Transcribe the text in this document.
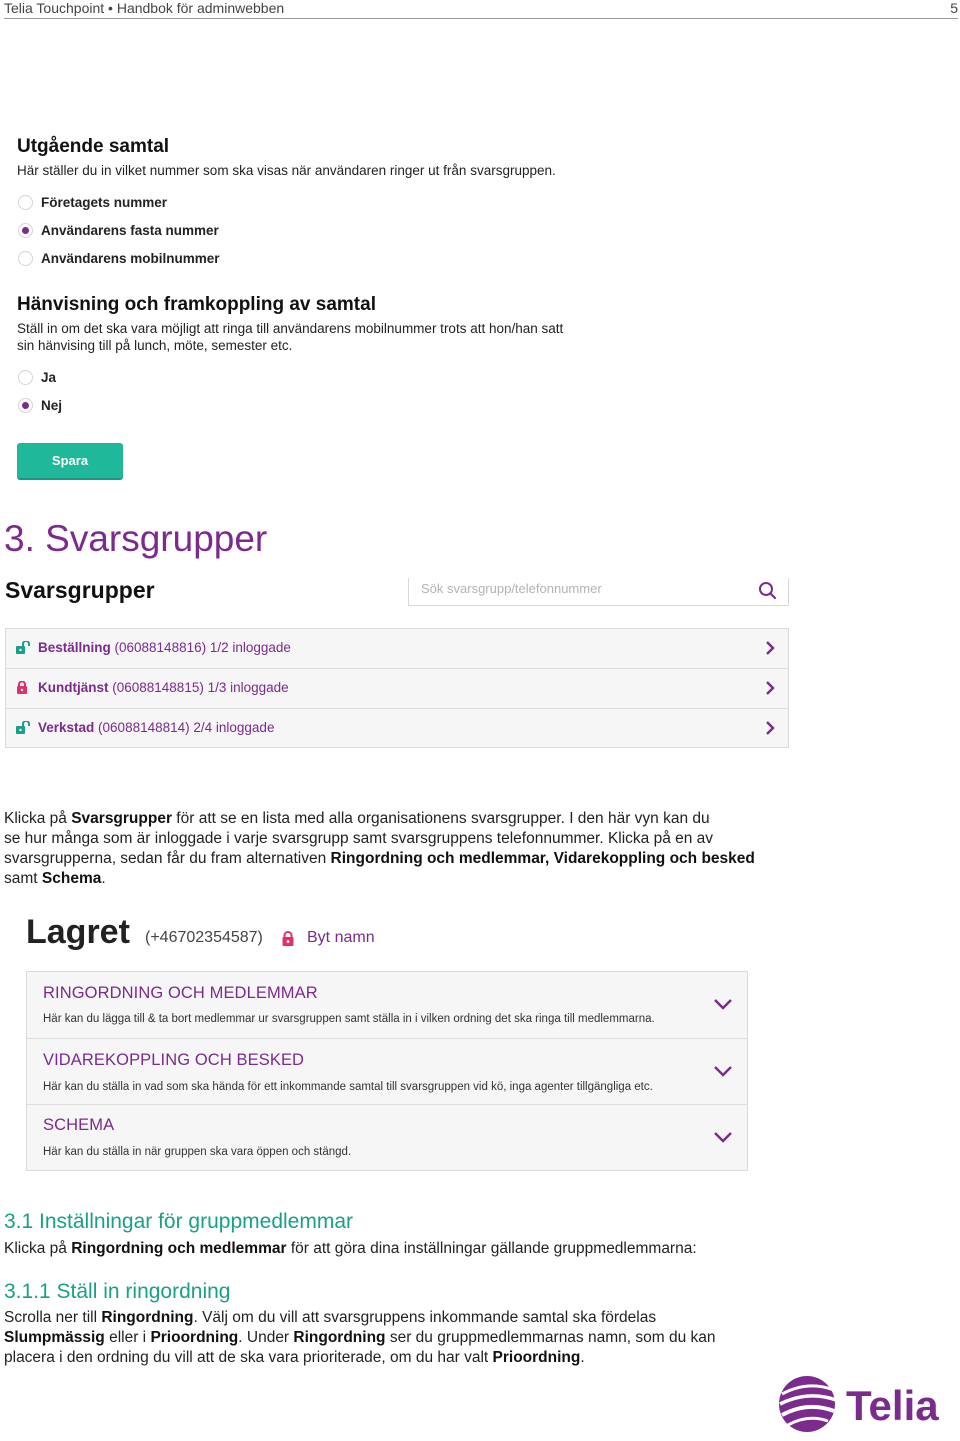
Telia Touchpoint • Handbok för adminwebben	5
Utgående samtal
Här ställer du in vilket nummer som ska visas när användaren ringer ut från svarsgruppen.
Företagets nummer
Användarens fasta nummer
Användarens mobilnummer
Hänvisning och framkoppling av samtal
Ställ in om det ska vara möjligt att ringa till användarens mobilnummer trots att hon/han satt
sin hänvising till på lunch, möte, semester etc.
Ja
Nej
Spara
3. Svarsgrupper
Svarsgrupper	Sök svarsgrupp/telefonnummer
Beställning (06088148816) 1/2 inloggade
Kundtjänst (06088148815) 1/3 inloggade
Verkstad (06088148814) 2/4 inloggade
Klicka på Svarsgrupper för att se en lista med alla organisationens svarsgrupper. I den här vyn kan du
se hur många som är inloggade i varje svarsgrupp samt svarsgruppens telefonnummer. Klicka på en av
svarsgrupperna, sedan får du fram alternativen Ringordning och medlemmar, Vidarekoppling och besked
samt Schema.
Lagret (+46702354587)	Byt namn
RINGORDNING OCH MEDLEMMAR
Här kan du lägga till & ta bort medlemmar ur svarsgruppen samt ställa in i vilken ordning det ska ringa till medlemmarna.
VIDAREKOPPLING OCH BESKED
Här kan du ställa in vad som ska hända för ett inkommande samtal till svarsgruppen vid kö, inga agenter tillgängliga etc.
SCHEMA
Här kan du ställa in när gruppen ska vara öppen och stängd.
3.1 Inställningar för gruppmedlemmar
Klicka på Ringordning och medlemmar för att göra dina inställningar gällande gruppmedlemmarna:
3.1.1 Ställ in ringordning
Scrolla ner till Ringordning. Välj om du vill att svarsgruppens inkommande samtal ska fördelas
Slumpmässig eller i Prioordning. Under Ringordning ser du gruppmedlemmarnas namn, som du kan
placera i den ordning du vill att de ska vara prioriterade, om du har valt Prioordning.
Telia
